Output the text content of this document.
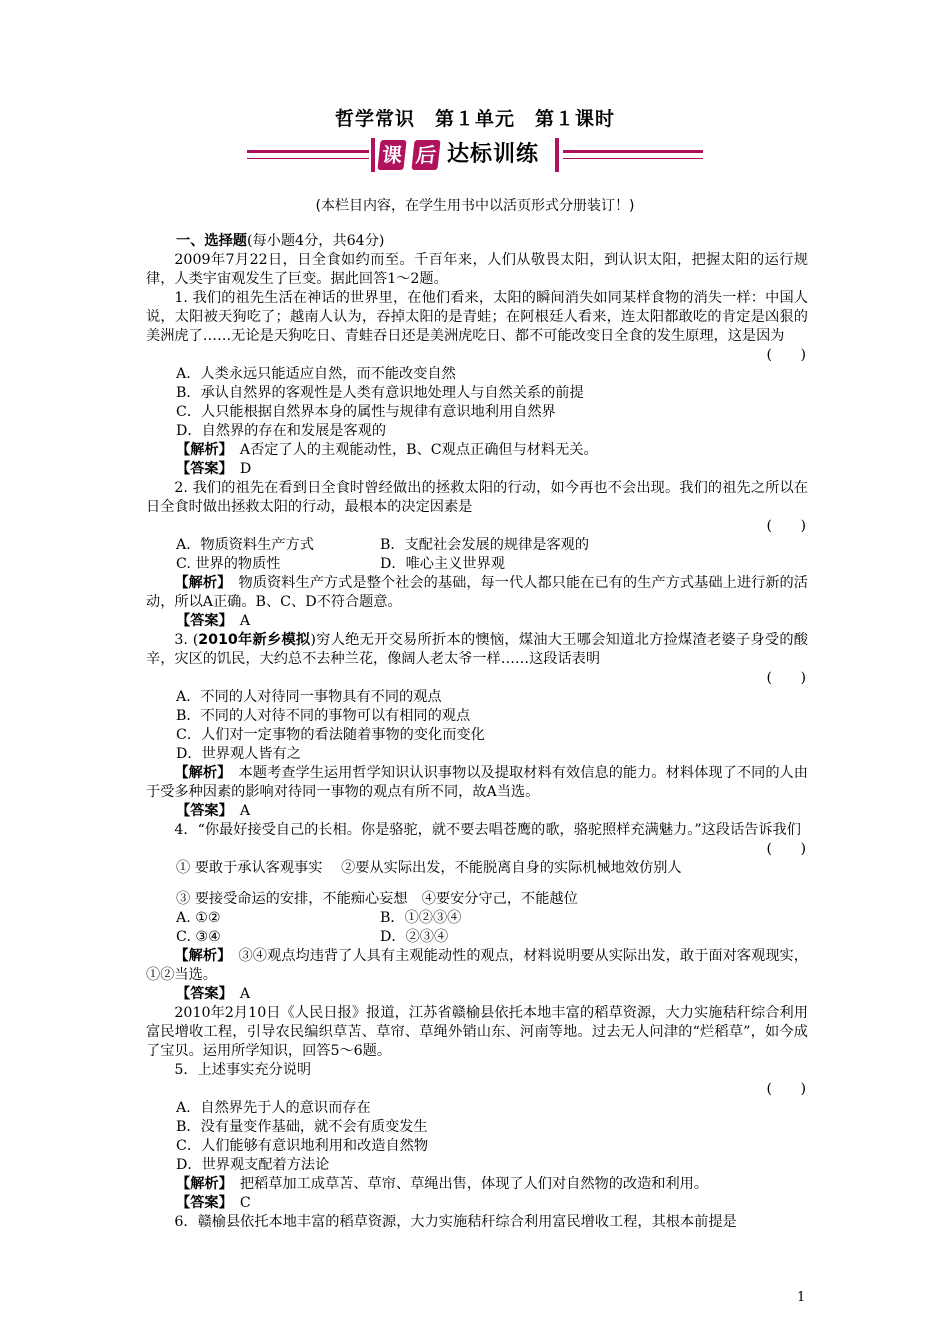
哲学常识　第１单元　第１课时
课 后 达标训练
(本栏目内容，在学生用书中以活页形式分册装订！)

一、选择题(每小题4分，共64分)

2009年7月22日，日全食如约而至。千百年来，人们从敬畏太阳，到认识太阳，把握太阳的运行规律，人类宇宙观发生了巨变。据此回答1～2题。

1. 我们的祖先生活在神话的世界里，在他们看来，太阳的瞬间消失如同某样食物的消失一样：中国人说，太阳被天狗吃了；越南人认为，吞掉太阳的是青蛙；在阿根廷人看来，连太阳都敢吃的肯定是凶狠的美洲虎了……无论是天狗吃日、青蛙吞日还是美洲虎吃日、都不可能改变日全食的发生原理，这是因为

(　　)

A．人类永远只能适应自然，而不能改变自然

B．承认自然界的客观性是人类有意识地处理人与自然关系的前提

C．人只能根据自然界本身的属性与规律有意识地利用自然界

D．自然界的存在和发展是客观的

【解析】　 A否定了人的主观能动性，B、C观点正确但与材料无关。

【答案】　 D

2. 我们的祖先在看到日全食时曾经做出的拯救太阳的行动，如今再也不会出现。我们的祖先之所以在日全食时做出拯救太阳的行动，最根本的决定因素是

(　　)

A．物质资料生产方式	B．支配社会发展的规律是客观的

C. 世界的物质性	D．唯心主义世界观

【解析】　 物质资料生产方式是整个社会的基础，每一代人都只能在已有的生产方式基础上进行新的活动，所以A正确。B、C、D不符合题意。

【答案】　 A

3. (2010年新乡模拟)穷人绝无开交易所折本的懊恼，煤油大王哪会知道北方捡煤渣老婆子身受的酸辛，灾区的饥民，大约总不去种兰花，像阔人老太爷一样……这段话表明

(　　)

A．不同的人对待同一事物具有不同的观点

B．不同的人对待不同的事物可以有相同的观点

C．人们对一定事物的看法随着事物的变化而变化

D．世界观人皆有之

【解析】　 本题考查学生运用哲学知识认识事物以及提取材料有效信息的能力。材料体现了不同的人由于受多种因素的影响对待同一事物的观点有所不同，故A当选。

【答案】　 A

4．“你最好接受自己的长相。你是骆驼，就不要去唱苍鹰的歌，骆驼照样充满魅力。”这段话告诉我们

(　　)

① 要敢于承认客观事实　 ②要从实际出发，不能脱离自身的实际机械地效仿别人

③ 要接受命运的安排，不能痴心妄想　④要安分守己，不能越位

A. ①②	B．①②③④

C. ③④	D．②③④

【解析】　 ③④观点均违背了人具有主观能动性的观点，材料说明要从实际出发，敢于面对客观现实，①②当选。

【答案】　 A

2010年2月10日《人民日报》报道，江苏省赣榆县依托本地丰富的稻草资源，大力实施秸秆综合利用富民增收工程，引导农民编织草苫、草帘、草绳外销山东、河南等地。过去无人问津的“烂稻草”，如今成了宝贝。运用所学知识，回答5～6题。

5．上述事实充分说明

(　　)

A．自然界先于人的意识而存在

B．没有量变作基础，就不会有质变发生

C．人们能够有意识地利用和改造自然物

D．世界观支配着方法论

【解析】　 把稻草加工成草苫、草帘、草绳出售，体现了人们对自然物的改造和利用。

【答案】　 C

6．赣榆县依托本地丰富的稻草资源，大力实施秸秆综合利用富民增收工程，其根本前提是

1
